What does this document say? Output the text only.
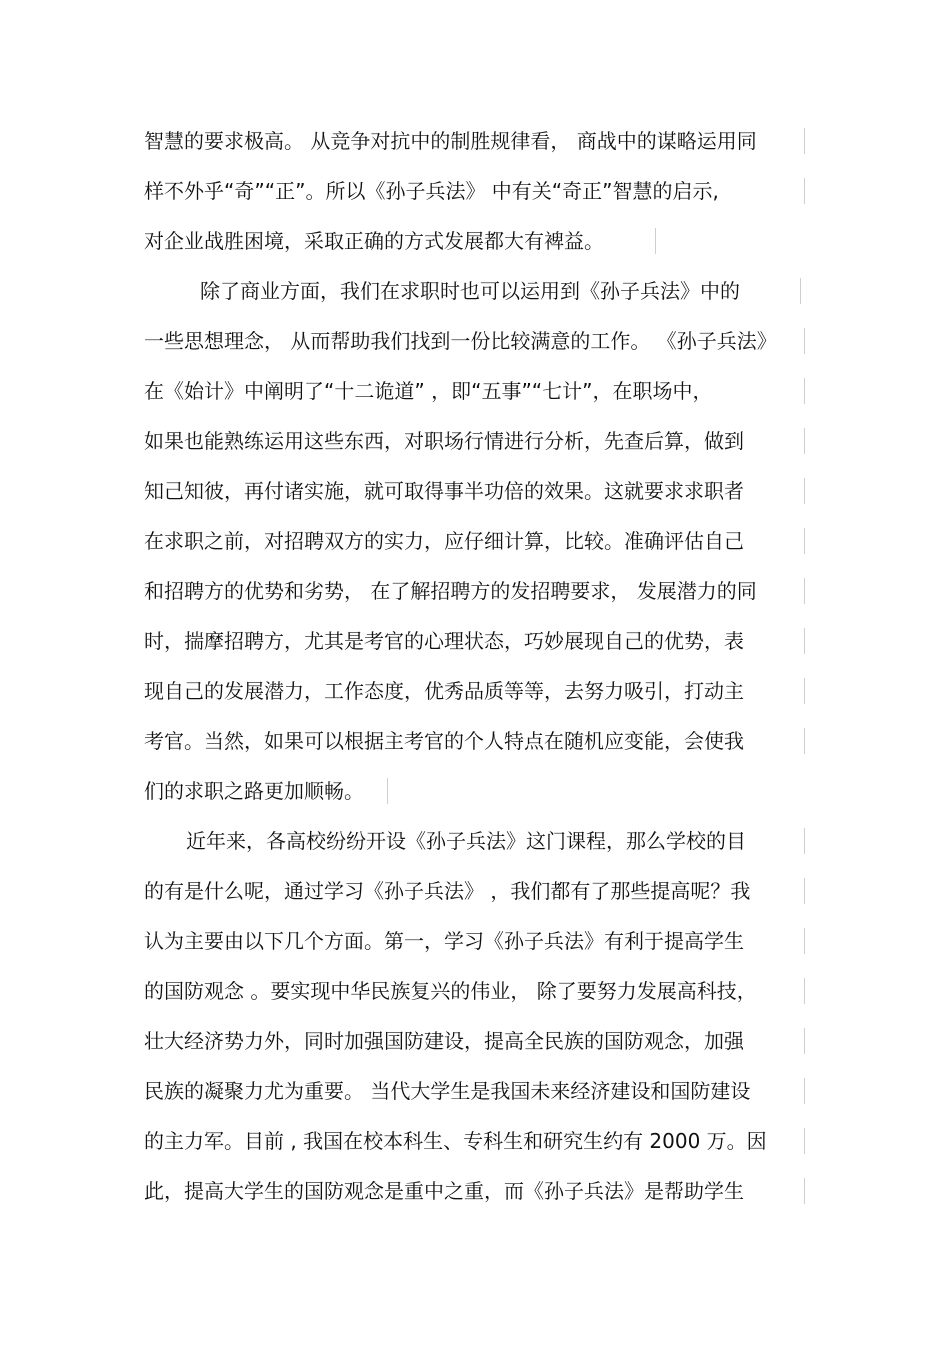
智慧的要求极高。 从竞争对抗中的制胜规律看， 商战中的谋略运用同
样不外乎“奇”“正”。所以《孙子兵法》 中有关“奇正”智慧的启示,
对企业战胜困境，采取正确的方式发展都大有裨益。
除了商业方面，我们在求职时也可以运用到《孙子兵法》中的
一些思想理念， 从而帮助我们找到一份比较满意的工作。 《孙子兵法》
在《始计》中阐明了“十二诡道” ，即“五事”“七计”，在职场中，
如果也能熟练运用这些东西，对职场行情进行分析，先查后算，做到
知己知彼，再付诸实施，就可取得事半功倍的效果。这就要求求职者
在求职之前，对招聘双方的实力，应仔细计算，比较。准确评估自己
和招聘方的优势和劣势， 在了解招聘方的发招聘要求， 发展潜力的同
时，揣摩招聘方，尤其是考官的心理状态，巧妙展现自己的优势，表
现自己的发展潜力，工作态度，优秀品质等等，去努力吸引，打动主
考官。当然，如果可以根据主考官的个人特点在随机应变能，会使我
们的求职之路更加顺畅。
近年来，各高校纷纷开设《孙子兵法》这门课程，那么学校的目
的有是什么呢，通过学习《孙子兵法》 ，我们都有了那些提高呢？我
认为主要由以下几个方面。第一，学习《孙子兵法》有利于提高学生
的国防观念 。要实现中华民族复兴的伟业， 除了要努力发展高科技，
壮大经济势力外，同时加强国防建设，提高全民族的国防观念，加强
民族的凝聚力尤为重要。 当代大学生是我国未来经济建设和国防建设
的主力军。目前 , 我国在校本科生、专科生和研究生约有 2000 万。因
此，提高大学生的国防观念是重中之重，而《孙子兵法》是帮助学生
